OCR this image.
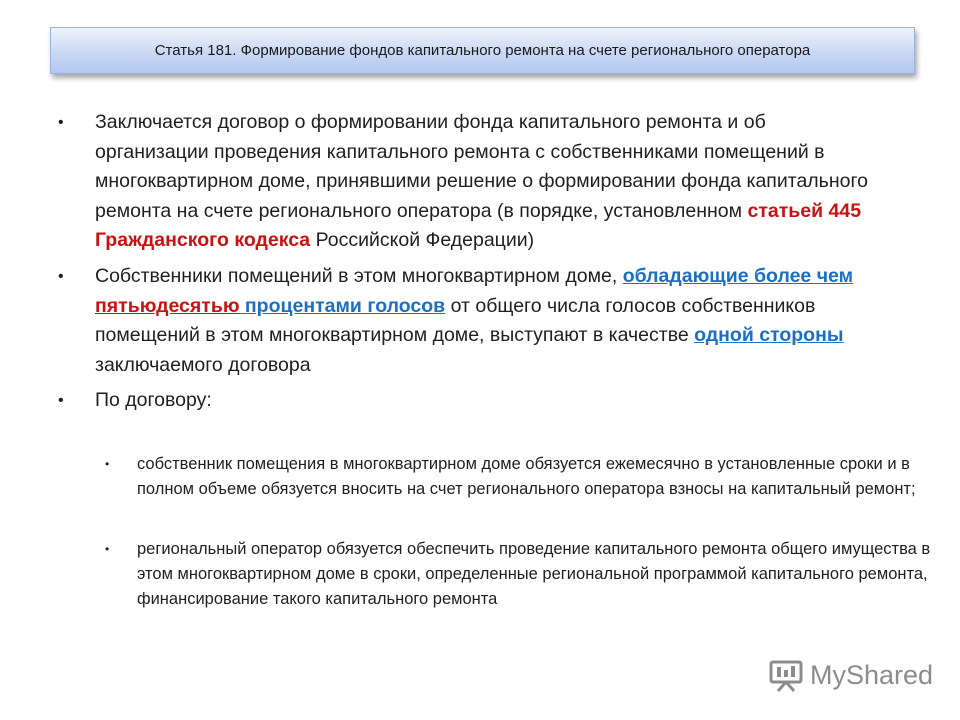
Статья 181. Формирование фондов капитального ремонта на счете регионального оператора
• Заключается договор о формировании фонда капитального ремонта и об организации проведения капитального ремонта с собственниками помещений в многоквартирном доме, принявшими решение о формировании фонда капитального ремонта на счете регионального оператора (в порядке, установленном статьей 445 Гражданского кодекса Российской Федерации)
• Собственники помещений в этом многоквартирном доме, обладающие более чем пятьюдесятью процентами голосов от общего числа голосов собственников помещений в этом многоквартирном доме, выступают в качестве одной стороны заключаемого договора
• По договору:
• собственник помещения в многоквартирном доме обязуется ежемесячно в установленные сроки и в полном объеме обязуется вносить на счет регионального оператора взносы на капитальный ремонт;
• региональный оператор обязуется обеспечить проведение капитального ремонта общего имущества в этом многоквартирном доме в сроки, определенные региональной программой капитального ремонта, финансирование такого капитального ремонта
MyShared
